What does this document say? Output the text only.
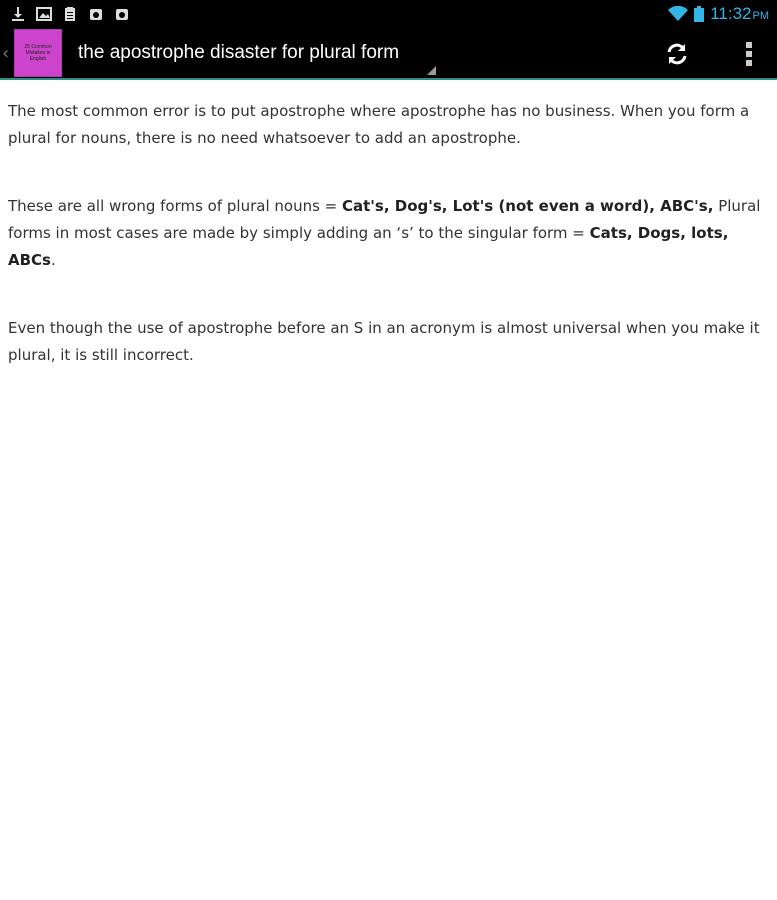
11:32PM
‹	25 Common Mistakes in English	the apostrophe disaster for plural form

The most common error is to put apostrophe where apostrophe has no business. When you form a plural for nouns, there is no need whatsoever to add an apostrophe.

These are all wrong forms of plural nouns = Cat's, Dog's, Lot's (not even a word), ABC's, Plural forms in most cases are made by simply adding an ‘s’ to the singular form = Cats, Dogs, lots, ABCs.

Even though the use of apostrophe before an S in an acronym is almost universal when you make it plural, it is still incorrect.
